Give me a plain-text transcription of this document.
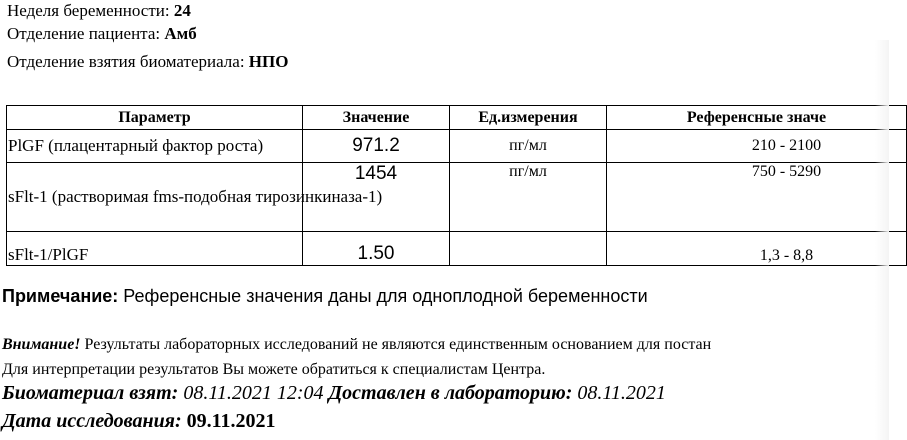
Неделя беременности: 24
Отделение пациента: Амб
Отделение взятия биоматериала: НПО
Параметр	Значение	Ед.измерения	Референсные значе
PlGF (плацентарный фактор роста)	971.2	пг/мл	210 - 2100
sFlt-1 (растворимая fms-подобная тирозинкиназа-1)	1454	пг/мл	750 - 5290
sFlt-1/PlGF	1.50		1,3 - 8,8
Примечание: Референсные значения даны для одноплодной беременности
Внимание! Результаты лабораторных исследований не являются единственным основанием для постан
Для интерпретации результатов Вы можете обратиться к специалистам Центра.
Биоматериал взят: 08.11.2021 12:04 Доставлен в лабораторию: 08.11.2021
Дата исследования: 09.11.2021
